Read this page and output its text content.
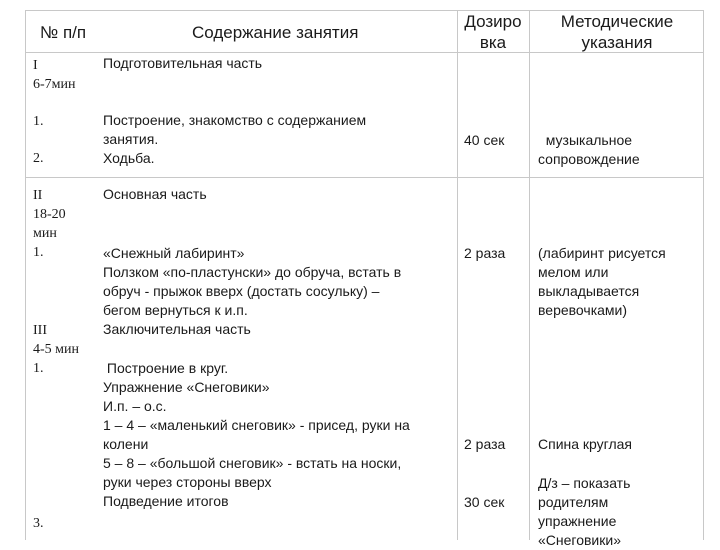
№ п/п	Содержание занятия
Дозиро
вка
Методические
указания
I
6-7мин
Подготовительная часть
1.
2.
Построение, знакомство с содержанием
занятия.
Ходьба.
40 сек	музыкальное
сопровождение
II
18-20
мин
1.
Основная часть
«Снежный лабиринт»
Ползком «по-пластунски» до обруча, встать в
обруч - прыжок вверх (достать сосульку) –
бегом вернуться к и.п.
2 раза (лабиринт рисуется
мелом или
выкладывается
веревочками)
III
4-5 мин
1.
Заключительная часть
Построение в круг.
Упражнение «Снеговики»
И.п. – о.с.
1 – 4 – «маленький снеговик» - присед, руки на
колени
5 – 8 – «большой снеговик» - встать на носки,
руки через стороны вверх
Подведение итогов
2 раза Спина круглая
30 сек
Д/з – показать
родителям
упражнение
«Снеговики»
3.
